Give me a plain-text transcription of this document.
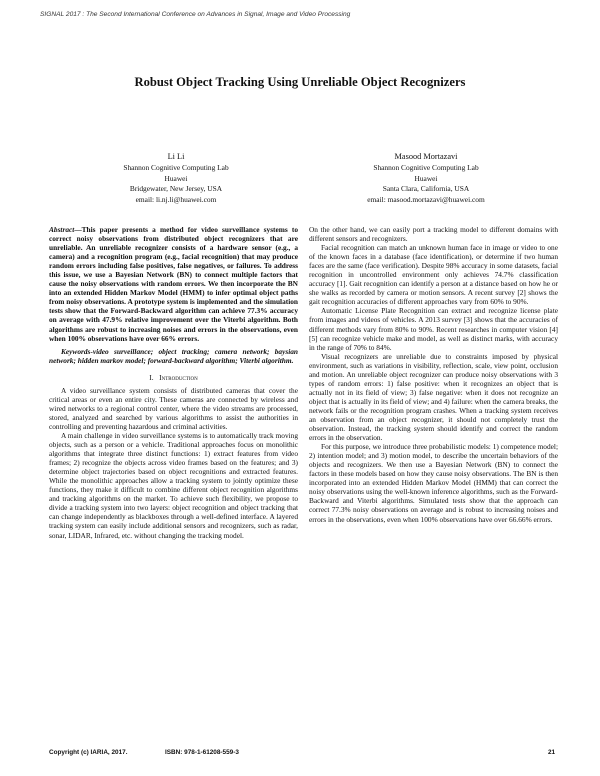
SIGNAL 2017 : The Second International Conference on Advances in Signal, Image and Video Processing
Robust Object Tracking Using Unreliable Object Recognizers
Li Li
Shannon Cognitive Computing Lab
Huawei
Bridgewater, New Jersey, USA
email: li.nj.li@huawei.com
Masood Mortazavi
Shannon Cognitive Computing Lab
Huawei
Santa Clara, California, USA
email: masood.mortazavi@huawei.com

Abstract—This paper presents a method for video surveillance systems to correct noisy observations from distributed object recognizers that are unreliable. An unreliable recognizer consists of a hardware sensor (e.g., a camera) and a recognition program (e.g., facial recognition) that may produce random errors including false positives, false negatives, or failures. To address this issue, we use a Bayesian Network (BN) to connect multiple factors that cause the noisy observations with random errors. We then incorporate the BN into an extended Hidden Markov Model (HMM) to infer optimal object paths from noisy observations. A prototype system is implemented and the simulation tests show that the Forward-Backward algorithm can achieve 77.3% accuracy on average with 47.9% relative improvement over the Viterbi algorithm. Both algorithms are robust to increasing noises and errors in the observations, even when 100% observations have over 66% errors.

Keywords-video surveillance; object tracking; camera network; baysian network; hidden markov model; forward-backward algorithm; Viterbi algorithm.

I. Introduction

A video surveillance system consists of distributed cameras that cover the critical areas or even an entire city. These cameras are connected by wireless and wired networks to a regional control center, where the video streams are processed, stored, analyzed and searched by various algorithms to assist the authorities in controlling and preventing hazardous and criminal activities.

A main challenge in video surveillance systems is to automatically track moving objects, such as a person or a vehicle. Traditional approaches focus on monolithic algorithms that integrate three distinct functions: 1) extract features from video frames; 2) recognize the objects across video frames based on the features; and 3) determine object trajectories based on object recognitions and extracted features. While the monolithic approaches allow a tracking system to jointly optimize these functions, they make it difficult to combine different object recognition algorithms and tracking algorithms on the market. To achieve such flexibility, we propose to divide a tracking system into two layers: object recognition and object tracking that can change independently as blackboxes through a well-defined interface. A layered tracking system can easily include additional sensors and recognizers, such as radar, sonar, LIDAR, Infrared, etc. without changing the tracking model.

On the other hand, we can easily port a tracking model to different domains with different sensors and recognizers.

Facial recognition can match an unknown human face in image or video to one of the known faces in a database (face identification), or determine if two human faces are the same (face verification). Despite 98% accuracy in some datasets, facial recognition in uncontrolled environment only achieves 74.7% classification accuracy [1]. Gait recognition can identify a person at a distance based on how he or she walks as recorded by camera or motion sensors. A recent survey [2] shows the gait recognition accuracies of different approaches vary from 60% to 90%.

Automatic License Plate Recognition can extract and recognize license plate from images and videos of vehicles. A 2013 survey [3] shows that the accuracies of different methods vary from 80% to 90%. Recent researches in computer vision [4][5] can recognize vehicle make and model, as well as distinct marks, with accuracy in the range of 70% to 84%.

Visual recognizers are unreliable due to constraints imposed by physical environment, such as variations in visibility, reflection, scale, view point, occlusion and motion. An unreliable object recognizer can produce noisy observations with 3 types of random errors: 1) false positive: when it recognizes an object that is actually not in its field of view; 3) false negative: when it does not recognize an object that is actually in its field of view; and 4) failure: when the camera breaks, the network fails or the recognition program crashes. When a tracking system receives an observation from an object recognizer, it should not completely trust the observation. Instead, the tracking system should identify and correct the random errors in the observation.

For this purpose, we introduce three probabilistic models: 1) competence model; 2) intention model; and 3) motion model, to describe the uncertain behaviors of the objects and recognizers. We then use a Bayesian Network (BN) to connect the factors in these models based on how they cause noisy observations. The BN is then incorporated into an extended Hidden Markov Model (HMM) that can correct the noisy observations using the well-known inference algorithms, such as the Forward-Backward and Viterbi algorithms. Simulated tests show that the approach can correct 77.3% noisy observations on average and is robust to increasing noises and errors in the observations, even when 100% observations have over 66.66% errors.

Copyright (c) IARIA, 2017.	ISBN: 978-1-61208-559-3	21
